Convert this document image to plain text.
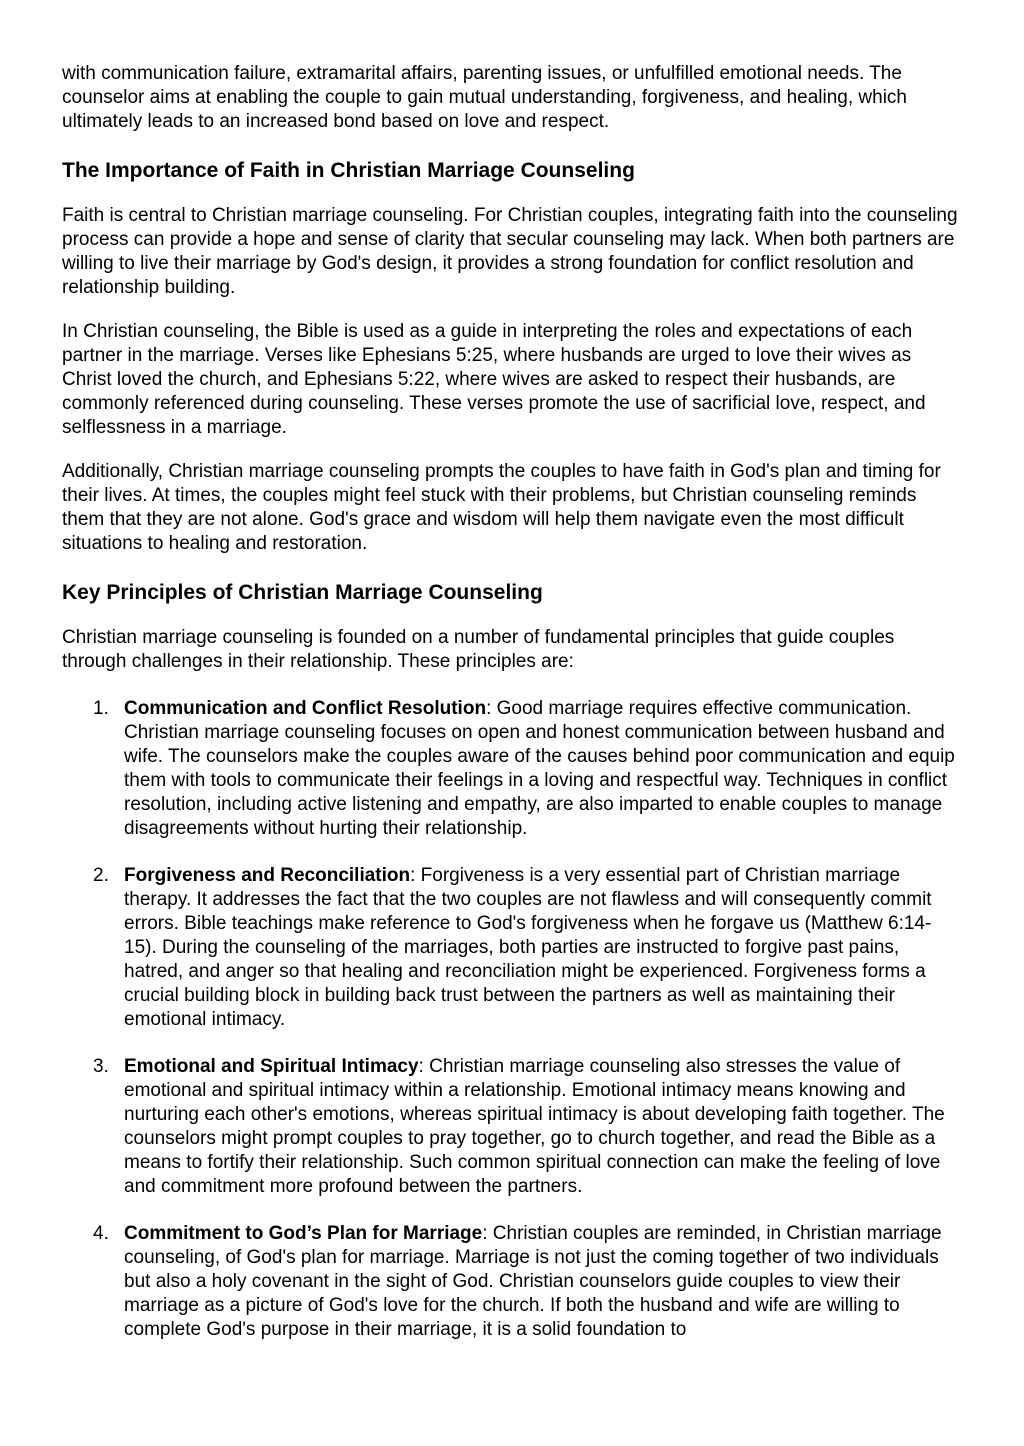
with communication failure, extramarital affairs, parenting issues, or unfulfilled emotional needs. The counselor aims at enabling the couple to gain mutual understanding, forgiveness, and healing, which ultimately leads to an increased bond based on love and respect.

The Importance of Faith in Christian Marriage Counseling

Faith is central to Christian marriage counseling. For Christian couples, integrating faith into the counseling process can provide a hope and sense of clarity that secular counseling may lack. When both partners are willing to live their marriage by God's design, it provides a strong foundation for conflict resolution and relationship building.

In Christian counseling, the Bible is used as a guide in interpreting the roles and expectations of each partner in the marriage. Verses like Ephesians 5:25, where husbands are urged to love their wives as Christ loved the church, and Ephesians 5:22, where wives are asked to respect their husbands, are commonly referenced during counseling. These verses promote the use of sacrificial love, respect, and selflessness in a marriage.

Additionally, Christian marriage counseling prompts the couples to have faith in God's plan and timing for their lives. At times, the couples might feel stuck with their problems, but Christian counseling reminds them that they are not alone. God's grace and wisdom will help them navigate even the most difficult situations to healing and restoration.

Key Principles of Christian Marriage Counseling

Christian marriage counseling is founded on a number of fundamental principles that guide couples through challenges in their relationship. These principles are:

1. Communication and Conflict Resolution: Good marriage requires effective communication. Christian marriage counseling focuses on open and honest communication between husband and wife. The counselors make the couples aware of the causes behind poor communication and equip them with tools to communicate their feelings in a loving and respectful way. Techniques in conflict resolution, including active listening and empathy, are also imparted to enable couples to manage disagreements without hurting their relationship.
2. Forgiveness and Reconciliation: Forgiveness is a very essential part of Christian marriage therapy. It addresses the fact that the two couples are not flawless and will consequently commit errors. Bible teachings make reference to God's forgiveness when he forgave us (Matthew 6:14-15). During the counseling of the marriages, both parties are instructed to forgive past pains, hatred, and anger so that healing and reconciliation might be experienced. Forgiveness forms a crucial building block in building back trust between the partners as well as maintaining their emotional intimacy.
3. Emotional and Spiritual Intimacy: Christian marriage counseling also stresses the value of emotional and spiritual intimacy within a relationship. Emotional intimacy means knowing and nurturing each other's emotions, whereas spiritual intimacy is about developing faith together. The counselors might prompt couples to pray together, go to church together, and read the Bible as a means to fortify their relationship. Such common spiritual connection can make the feeling of love and commitment more profound between the partners.
4. Commitment to God’s Plan for Marriage: Christian couples are reminded, in Christian marriage counseling, of God's plan for marriage. Marriage is not just the coming together of two individuals but also a holy covenant in the sight of God. Christian counselors guide couples to view their marriage as a picture of God's love for the church. If both the husband and wife are willing to complete God's purpose in their marriage, it is a solid foundation to
